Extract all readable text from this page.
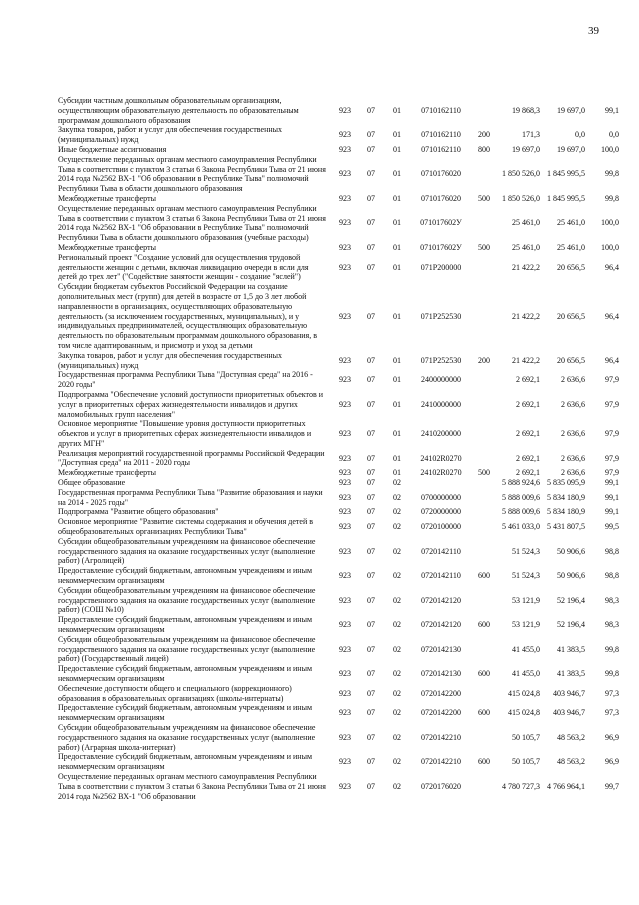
39
Субсидии частным дошкольным образовательным организациям, осуществляющим образовательную деятельность по образовательным программам дошкольного образования	923	07	01	0710162110		19 868,3	19 697,0	99,1
Закупка товаров, работ и услуг для обеспечения государственных (муниципальных) нужд	923	07	01	0710162110	200	171,3	0,0	0,0
Иные бюджетные ассигнования	923	07	01	0710162110	800	19 697,0	19 697,0	100,0
Осуществление переданных органам местного самоуправления Республики Тыва в соответствии с пунктом 3 статьи 6 Закона Республики Тыва от 21 июня 2014 года №2562 ВХ-1 "Об образовании в Республике Тыва" полномочий Республики Тыва в области дошкольного образования	923	07	01	0710176020		1 850 526,0	1 845 995,5	99,8
Межбюджетные трансферты	923	07	01	0710176020	500	1 850 526,0	1 845 995,5	99,8
Осуществление переданных органам местного самоуправления Республики Тыва в соответствии с пунктом 3 статьи 6 Закона Республики Тыва от 21 июня 2014 года №2562 ВХ-1 "Об образовании в Республике Тыва" полномочий Республики Тыва в области дошкольного образования (учебные расходы)	923	07	01	071017602У		25 461,0	25 461,0	100,0
Межбюджетные трансферты	923	07	01	071017602У	500	25 461,0	25 461,0	100,0
Региональный проект "Создание условий для осуществления трудовой деятельности женщин с детьми, включая ликвидацию очереди в ясли для детей до трех лет" ("Содействие занятости женщин - создание "яслей")	923	07	01	071P200000		21 422,2	20 656,5	96,4
Субсидии бюджетам субъектов Российской Федерации на создание дополнительных мест (групп) для детей в возрасте от 1,5 до 3 лет любой направленности в организациях, осуществляющих образовательную деятельность (за исключением государственных, муниципальных), и у индивидуальных предпринимателей, осуществляющих образовательную деятельность по образовательным программам дошкольного образования, в том числе адаптированным, и присмотр и уход за детьми	923	07	01	071P252530		21 422,2	20 656,5	96,4
Закупка товаров, работ и услуг для обеспечения государственных (муниципальных) нужд	923	07	01	071P252530	200	21 422,2	20 656,5	96,4
Государственная программа Республики Тыва "Доступная среда" на 2016 - 2020 годы"	923	07	01	2400000000		2 692,1	2 636,6	97,9
Подпрограмма "Обеспечение условий доступности приоритетных объектов и услуг в приоритетных сферах жизнедеятельности инвалидов и других маломобильных групп населения"	923	07	01	2410000000		2 692,1	2 636,6	97,9
Основное мероприятие "Повышение уровня доступности приоритетных объектов и услуг в приоритетных сферах жизнедеятельности инвалидов и других МГН"	923	07	01	2410200000		2 692,1	2 636,6	97,9
Реализация мероприятий государственной программы Российской Федерации "Доступная среда" на 2011 - 2020 годы	923	07	01	24102R0270		2 692,1	2 636,6	97,9
Межбюджетные трансферты	923	07	01	24102R0270	500	2 692,1	2 636,6	97,9
Общее образование	923	07	02			5 888 924,6	5 835 095,9	99,1
Государственная программа Республики Тыва "Развитие образования и науки на 2014 - 2025 годы"	923	07	02	0700000000		5 888 009,6	5 834 180,9	99,1
Подпрограмма "Развитие общего образования"	923	07	02	0720000000		5 888 009,6	5 834 180,9	99,1
Основное мероприятие "Развитие системы содержания и обучения детей в общеобразовательных организациях Республики Тыва"	923	07	02	0720100000		5 461 033,0	5 431 807,5	99,5
Субсидии общеобразовательным учреждениям на финансовое обеспечение государственного задания на оказание государственных услуг (выполнение работ) (Агролицей)	923	07	02	0720142110		51 524,3	50 906,6	98,8
Предоставление субсидий бюджетным, автономным учреждениям и иным некоммерческим организациям	923	07	02	0720142110	600	51 524,3	50 906,6	98,8
Субсидии общеобразовательным учреждениям на финансовое обеспечение государственного задания на оказание государственных услуг (выполнение работ) (СОШ №10)	923	07	02	0720142120		53 121,9	52 196,4	98,3
Предоставление субсидий бюджетным, автономным учреждениям и иным некоммерческим организациям	923	07	02	0720142120	600	53 121,9	52 196,4	98,3
Субсидии общеобразовательным учреждениям на финансовое обеспечение государственного задания на оказание государственных услуг (выполнение работ) (Государственный лицей)	923	07	02	0720142130		41 455,0	41 383,5	99,8
Предоставление субсидий бюджетным, автономным учреждениям и иным некоммерческим организациям	923	07	02	0720142130	600	41 455,0	41 383,5	99,8
Обеспечение доступности общего и специального (коррекционного) образования в образовательных организациях (школы-интернаты)	923	07	02	0720142200		415 024,8	403 946,7	97,3
Предоставление субсидий бюджетным, автономным учреждениям и иным некоммерческим организациям	923	07	02	0720142200	600	415 024,8	403 946,7	97,3
Субсидии общеобразовательным учреждениям на финансовое обеспечение государственного задания на оказание государственных услуг (выполнение работ) (Аграрная школа-интернат)	923	07	02	0720142210		50 105,7	48 563,2	96,9
Предоставление субсидий бюджетным, автономным учреждениям и иным некоммерческим организациям	923	07	02	0720142210	600	50 105,7	48 563,2	96,9
Осуществление переданных органам местного самоуправления Республики Тыва в соответствии с пунктом 3 статьи 6 Закона Республики Тыва от 21 июня 2014 года №2562 ВХ-1 "Об образовании	923	07	02	0720176020		4 780 727,3	4 766 964,1	99,7
